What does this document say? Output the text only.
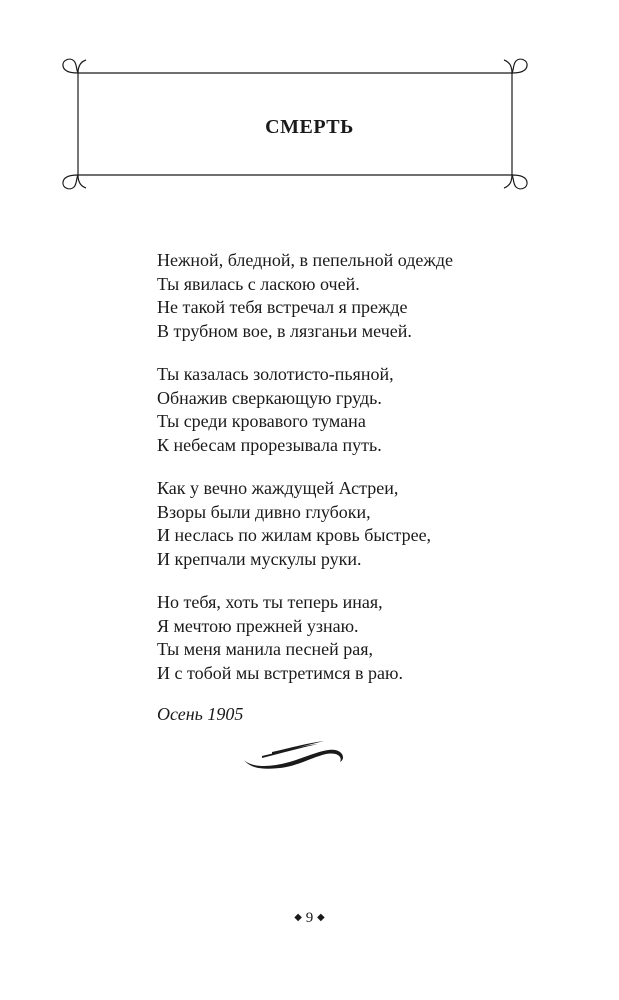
СМЕРТЬ
Нежной, бледной, в пепельной одежде
Ты явилась с ласкою очей.
Не такой тебя встречал я прежде
В трубном вое, в лязганьи мечей.
Ты казалась золотисто-пьяной,
Обнажив сверкающую грудь.
Ты среди кровавого тумана
К небесам прорезывала путь.
Как у вечно жаждущей Астреи,
Взоры были дивно глубоки,
И неслась по жилам кровь быстрее,
И крепчали мускулы руки.
Но тебя, хоть ты теперь иная,
Я мечтою прежней узнаю.
Ты меня манила песней рая,
И с тобой мы встретимся в раю.
Осень 1905
◆ 9 ◆
